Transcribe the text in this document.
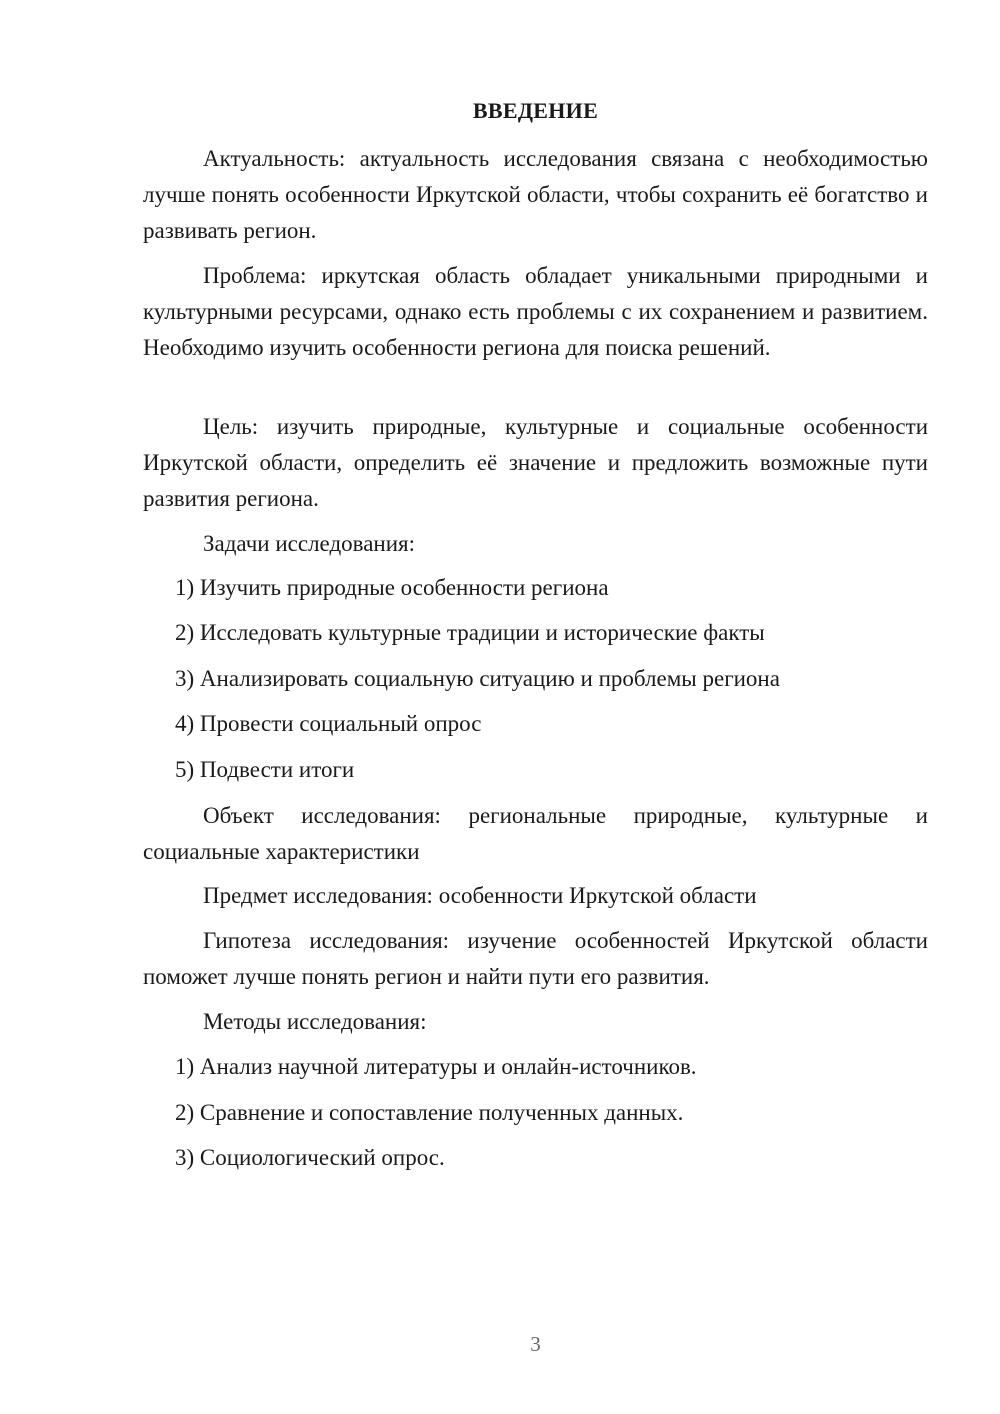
ВВЕДЕНИЕ

Актуальность: актуальность исследования связана с необходимостью лучше понять особенности Иркутской области, чтобы сохранить её богатство и развивать регион.

Проблема: иркутская область обладает уникальными природными и культурными ресурсами, однако есть проблемы с их сохранением и развитием. Необходимо изучить особенности региона для поиска решений.

Цель: изучить природные, культурные и социальные особенности Иркутской области, определить её значение и предложить возможные пути развития региона.

Задачи исследования:

1) Изучить природные особенности региона

2) Исследовать культурные традиции и исторические факты

3) Анализировать социальную ситуацию и проблемы региона

4) Провести социальный опрос

5) Подвести итоги

Объект исследования: региональные природные, культурные и социальные характеристики

Предмет исследования: особенности Иркутской области

Гипотеза исследования: изучение особенностей Иркутской области поможет лучше понять регион и найти пути его развития.

Методы исследования:

1) Анализ научной литературы и онлайн-источников.

2) Сравнение и сопоставление полученных данных.

3) Социологический опрос.

3
